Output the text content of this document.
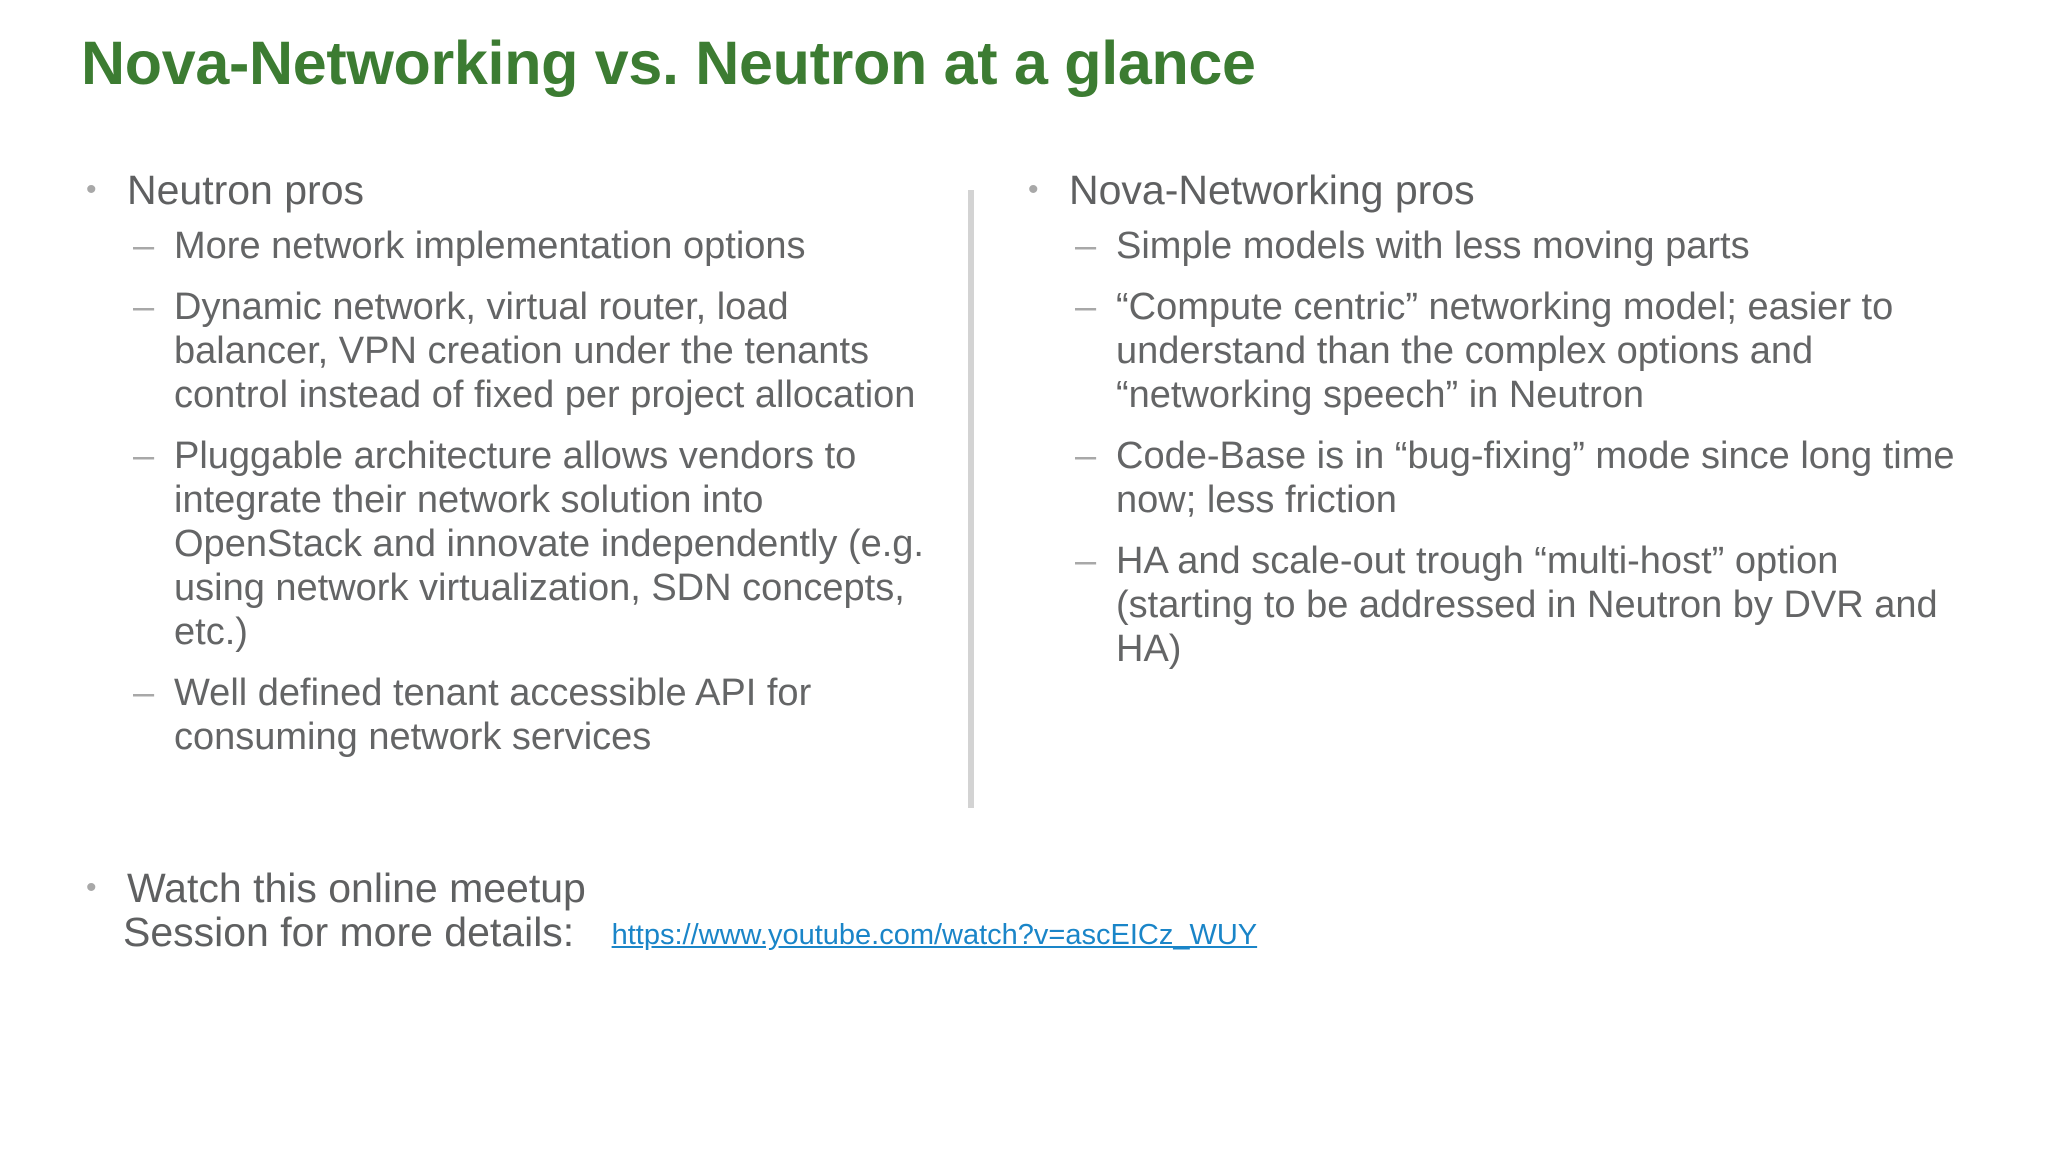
Nova-Networking vs. Neutron at a glance
• Neutron pros
– More network implementation options
– Dynamic network, virtual router, load balancer, VPN creation under the tenants control instead of fixed per project allocation
– Pluggable architecture allows vendors to integrate their network solution into OpenStack and innovate independently (e.g. using network virtualization, SDN concepts, etc.)
– Well defined tenant accessible API for consuming network services
• Nova-Networking pros
– Simple models with less moving parts
– “Compute centric” networking model; easier to understand than the complex options and “networking speech” in Neutron
– Code-Base is in “bug-fixing” mode since long time now; less friction
– HA and scale-out trough “multi-host” option (starting to be addressed in Neutron by DVR and HA)
• Watch this online meetup
Session for more details: https://www.youtube.com/watch?v=ascEICz_WUY
